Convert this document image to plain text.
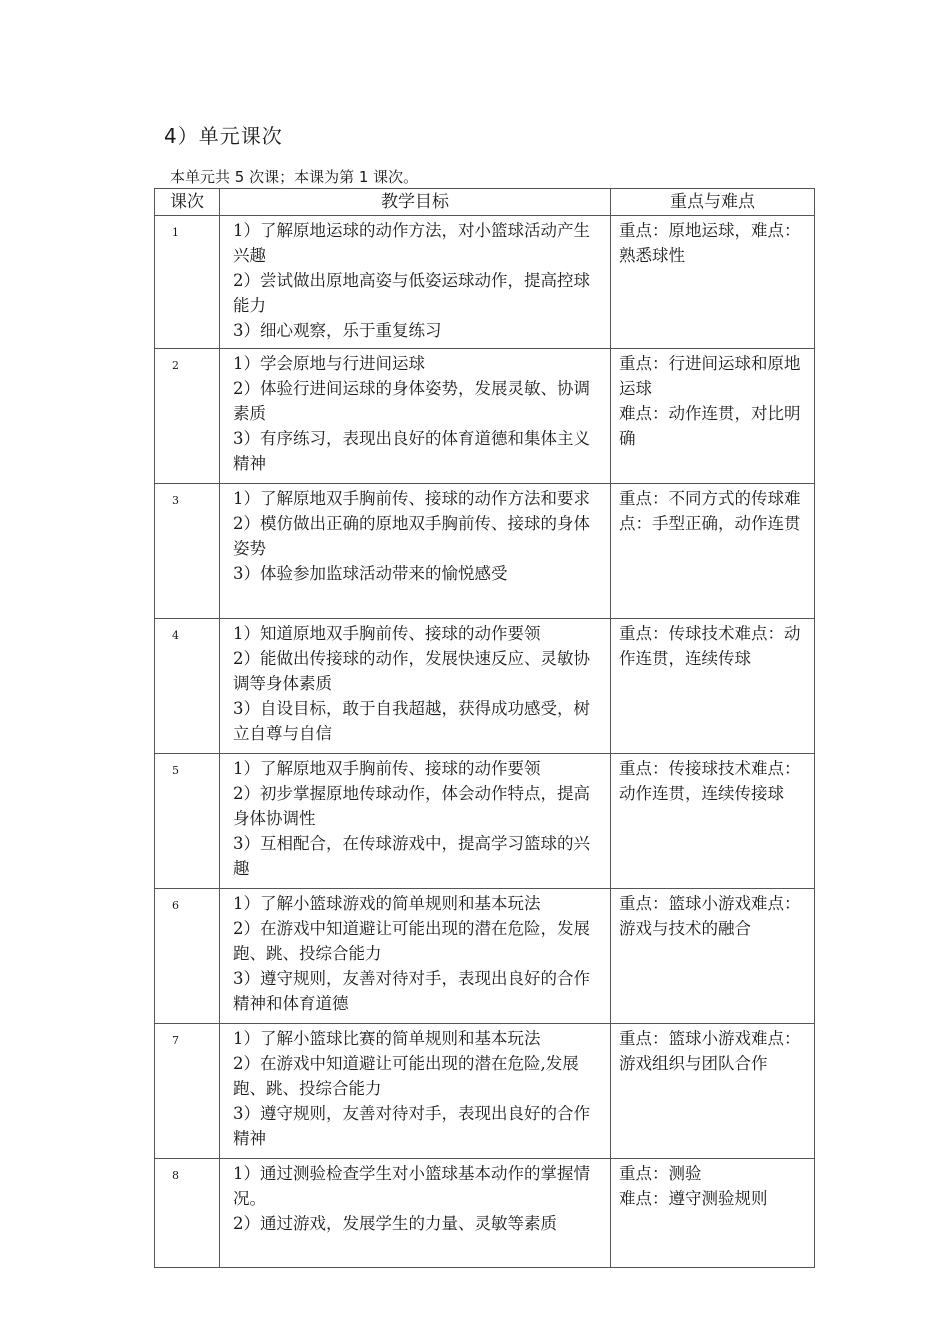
4）单元课次
本单元共 5 次课；本课为第 1 课次。
课次	教学目标	重点与难点
1	1）了解原地运球的动作方法，对小篮球活动产生兴趣
2）尝试做出原地高姿与低姿运球动作，提高控球能力
3）细心观察，乐于重复练习	重点：原地运球，难点：熟悉球性

2	1）学会原地与行进间运球
2）体验行进间运球的身体姿势，发展灵敏、协调素质
3）有序练习，表现出良好的体育道德和集体主义精神	重点：行进间运球和原地运球
难点：动作连贯，对比明确

3	1）了解原地双手胸前传、接球的动作方法和要求
2）模仿做出正确的原地双手胸前传、接球的身体姿势
3）体验参加监球活动带来的愉悦感受	重点：不同方式的传球难点：手型正确，动作连贯

4	1）知道原地双手胸前传、接球的动作要领
2）能做出传接球的动作，发展快速反应、灵敏协调等身体素质
3）自设目标，敢于自我超越，获得成功感受，树立自尊与自信	重点：传球技术难点：动作连贯，连续传球

5	1）了解原地双手胸前传、接球的动作要领
2）初步掌握原地传球动作，体会动作特点，提高身体协调性
3）互相配合，在传球游戏中，提高学习篮球的兴趣	重点：传接球技术难点：动作连贯，连续传接球

6	1）了解小篮球游戏的简单规则和基本玩法
2）在游戏中知道避让可能出现的潜在危险，发展跑、跳、投综合能力
3）遵守规则，友善对待对手，表现出良好的合作精神和体育道德	重点：篮球小游戏难点：游戏与技术的融合

7	1）了解小篮球比赛的简单规则和基本玩法
2）在游戏中知道避让可能出现的潜在危险,发展跑、跳、投综合能力
3）遵守规则，友善对待对手，表现出良好的合作精神	重点：篮球小游戏难点：游戏组织与团队合作

8	1）通过测验检查学生对小篮球基本动作的掌握情况。
2）通过游戏，发展学生的力量、灵敏等素质	重点：测验
难点：遵守测验规则
